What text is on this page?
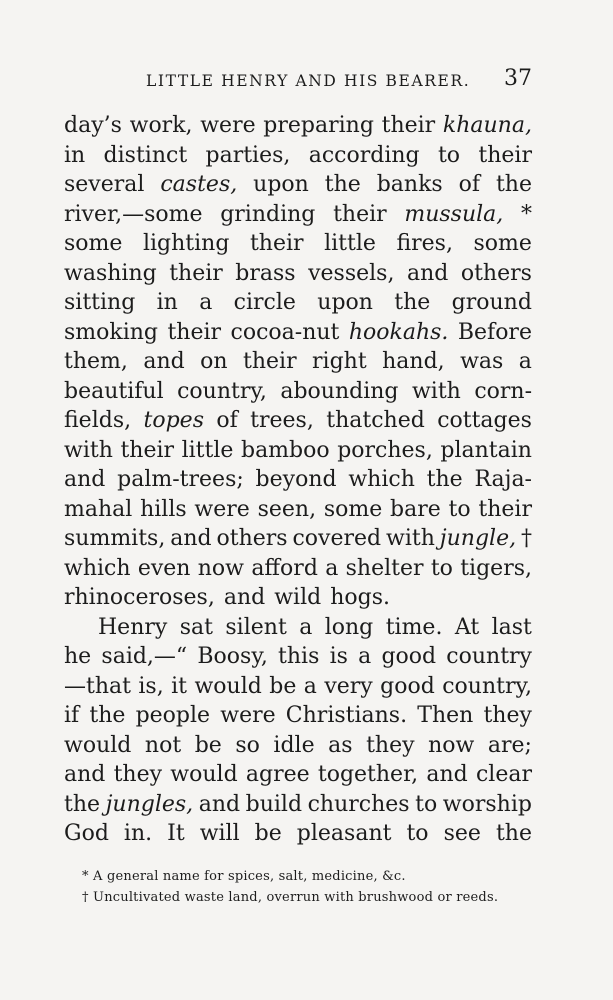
LITTLE HENRY AND HIS BEARER. 37
day’s work, were preparing their khauna,
in distinct parties, according to their
several castes, upon the banks of the
river,—some grinding their mussula, *
some lighting their little fires, some
washing their brass vessels, and others
sitting in a circle upon the ground
smoking their cocoa-nut hookahs. Before
them, and on their right hand, was a
beautiful country, abounding with corn-
fields, topes of trees, thatched cottages
with their little bamboo porches, plantain
and palm-trees; beyond which the Raja-
mahal hills were seen, some bare to their
summits, and others covered with jungle, †
which even now afford a shelter to tigers,
rhinoceroses, and wild hogs.
Henry sat silent a long time. At last
he said,—“ Boosy, this is a good country
—that is, it would be a very good country,
if the people were Christians. Then they
would not be so idle as they now are;
and they would agree together, and clear
the jungles, and build churches to worship
God in. It will be pleasant to see the
* A general name for spices, salt, medicine, &c.
† Uncultivated waste land, overrun with brushwood or reeds.
